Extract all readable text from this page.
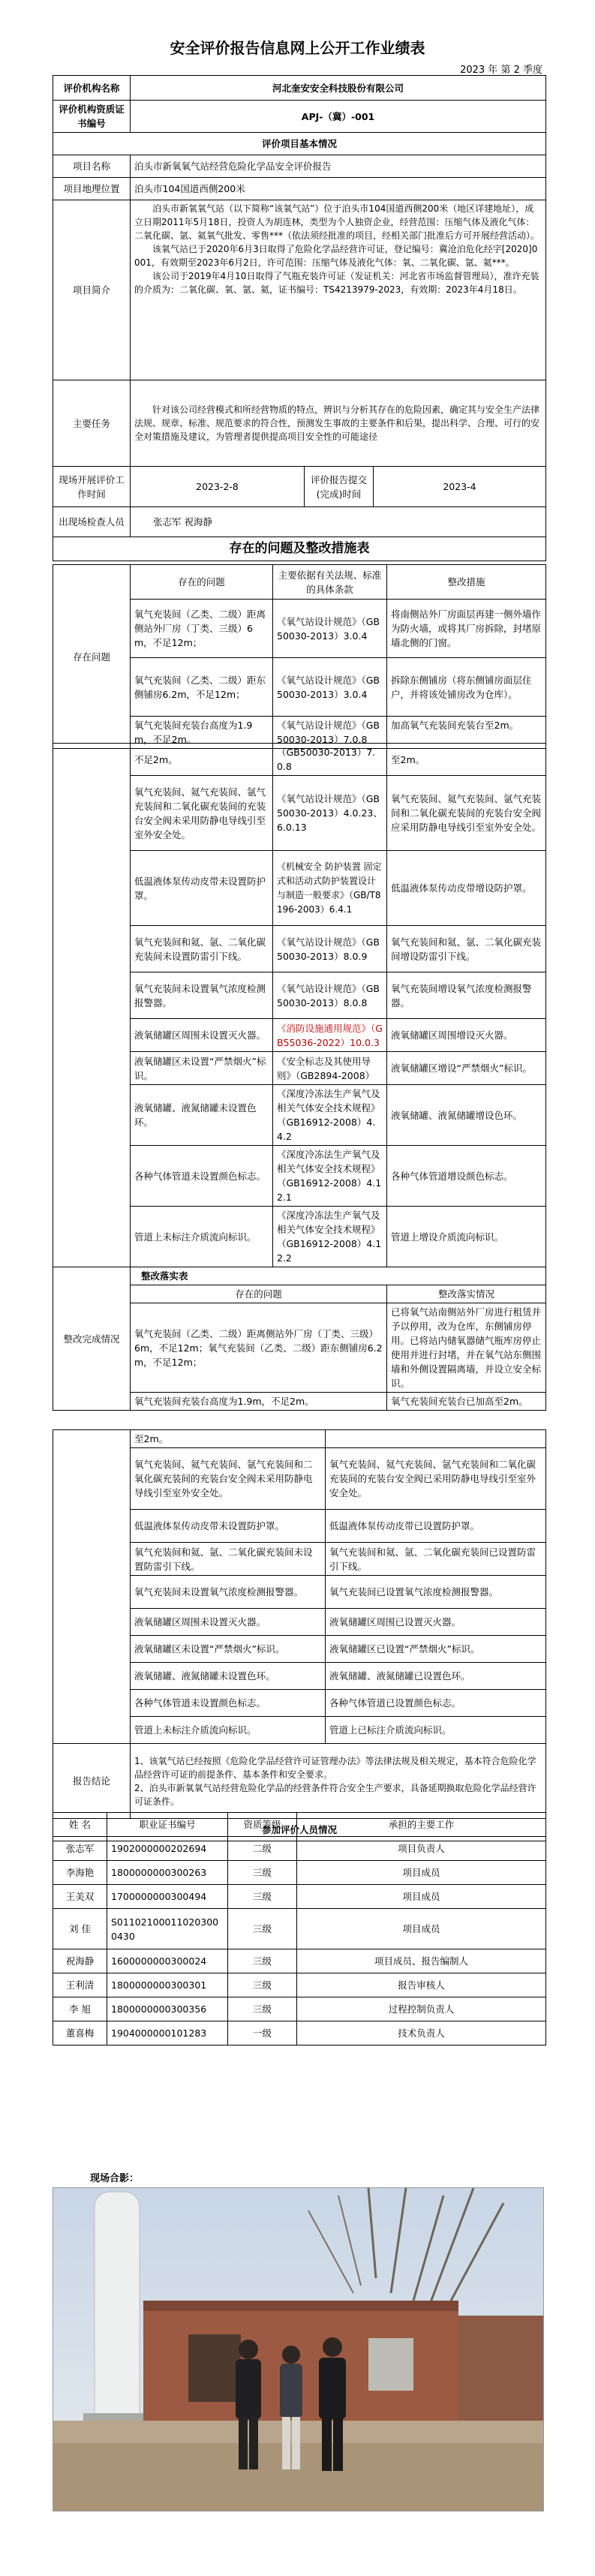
安全评价报告信息网上公开工作业绩表
2023 年 第 2 季度
评价机构名称	河北奎安安全科技股份有限公司		
评价机构资质证书编号	APJ-（冀）-001		
评价项目基本情况			
项目名称	泊头市新氧氧气站经营危险化学品安全评价报告		
项目地理位置	泊头市104国道西侧200米		
项目简介	泊头市新氧氧气站（以下简称“该氧气站”）位于泊头市104国道西侧200米（地区详建地址），成立日期2011年5月18日，投资人为胡连林，类型为个人独资企业，经营范围：压缩气体及液化气体：二氧化碳、氩、氦氧气批发、零售***（依法须经批准的项目，经相关部门批准后方可开展经营活动）。
该氧气站已于2020年6月3日取得了危险化学品经营许可证，登记编号：冀沧泊危化经字[2020]0001，有效期至2023年6月2日，许可范围：压缩气体及液化气体：氧、二氧化碳、氩、氦***。
该公司于2019年4月10日取得了气瓶充装许可证（发证机关：河北省市场监督管理局），准许充装的介质为：二氧化碳、氧、氩、氦，证书编号：TS4213979-2023，有效期：2023年4月18日。		

主要任务	针对该公司经营模式和所经营物质的特点，辨识与分析其存在的危险因素，确定其与安全生产法律法规、规章、标准、规范要求的符合性，预测发生事故的主要条件和后果，提出科学、合理、可行的安全对策措施及建议，为管理者提供提高项目安全性的可能途径		
现场开展评价工作时间	2023-2-8	评价报告提交(完成)时间	2023-4
出现场检查人员	张志军 祝海静		
存在的问题及整改措施表			
存在问题	存在的问题	主要依据有关法规、标准的具体条款	整改措施
	氧气充装间（乙类、二级）距离侧站外厂房（丁类、三级）6m，不足12m；	《氧气站设计规范》（GB50030-2013）3.0.4	将南侧站外厂房面层再建一侧外墙作为防火墙，或将其厂房拆除，封堵原墙北侧的门窗。
	氧气充装间（乙类、二级）距东侧铺房6.2m，不足12m；	《氧气站设计规范》（GB50030-2013）3.0.4	拆除东侧铺房（将东侧铺房面层住户，并将该处铺房改为仓库）。
	氧气充装间充装台高度为1.9m，不足2m。	《氧气站设计规范》（GB50030-2013）7.0.8	加高氧气充装间充装台至2m。
	不足2m。	（GB50030-2013）7.0.8	至2m。
	氧气充装间、氦气充装间、氩气充装间和二氧化碳充装间的充装台安全阀未采用防静电导线引至室外安全处。	《氧气站设计规范》（GB50030-2013）4.0.23、6.0.13	氧气充装间、氦气充装间、氩气充装间和二氧化碳充装间的充装台安全阀应采用防静电导线引至室外安全处。
	低温液体泵传动皮带未设置防护罩。	《机械安全 防护装置 固定式和活动式防护装置设计与制造一般要求》（GB/T8196-2003）6.4.1	低温液体泵传动皮带增设防护罩。
	氧气充装间和氦、氩、二氧化碳充装间未设置防雷引下线。	《氧气站设计规范》（GB50030-2013）8.0.9	氧气充装间和氦、氩、二氧化碳充装间增设防雷引下线。
	氧气充装间未设置氧气浓度检测报警器。	《氧气站设计规范》（GB50030-2013）8.0.8	氧气充装间增设氧气浓度检测报警器。
	液氧储罐区周围未设置灭火器。	《消防设施通用规范》（GB55036-2022）10.0.3	液氧储罐区周围增设灭火器。
	液氧储罐区未设置“严禁烟火”标识。	《安全标志及其使用导则》（GB2894-2008）	液氧储罐区增设“严禁烟火”标识。
	液氧储罐、液氮储罐未设置色环。	《深度冷冻法生产氧气及相关气体安全技术规程》（GB16912-2008）4.4.2	液氧储罐、液氮储罐增设色环。
	各种气体管道未设置颜色标志。	《深度冷冻法生产氧气及相关气体安全技术规程》（GB16912-2008）4.12.1	各种气体管道增设颜色标志。
	管道上未标注介质流向标识。	《深度冷冻法生产氧气及相关气体安全技术规程》（GB16912-2008）4.12.2	管道上增设介质流向标识。
整改完成情况	整改落实表		
	存在的问题		整改落实情况
	氧气充装间（乙类、二级）距离侧站外厂房（丁类、三级）6m，不足12m；氧气充装间（乙类、二级）距东侧铺房6.2m，不足12m；		已将氧气站南侧站外厂房进行租赁并予以停用，改为仓库，东侧铺房停用。已将站内储氧器储气瓶库房停止使用并进行封堵，并在氧气站东侧围墙和外侧设置隔离墙，并设立安全标识。
	氧气充装间充装台高度为1.9m，不足2m。		氧气充装间充装台已加高至2m。
	至2m。	
	氧气充装间、氦气充装间、氩气充装间和二氧化碳充装间的充装台安全阀未采用防静电导线引至室外安全处。	氧气充装间、氦气充装间、氩气充装间和二氧化碳充装间的充装台安全阀已采用防静电导线引至室外安全处。
	低温液体泵传动皮带未设置防护罩。	低温液体泵传动皮带已设置防护罩。
	氧气充装间和氦、氩、二氧化碳充装间未设置防雷引下线。	氧气充装间和氦、氩、二氧化碳充装间已设置防雷引下线。
	氧气充装间未设置氧气浓度检测报警器。	氧气充装间已设置氧气浓度检测报警器。
	液氧储罐区周围未设置灭火器。	液氧储罐区周围已设置灭火器。
	液氧储罐区未设置“严禁烟火”标识。	液氧储罐区已设置“严禁烟火”标识。
	液氧储罐、液氮储罐未设置色环。	液氧储罐、液氮储罐已设置色环。
	各种气体管道未设置颜色标志。	各种气体管道已设置颜色标志。
	管道上未标注介质流向标识。	管道上已标注介质流向标识。
报告结论	1、该氧气站已经按照《危险化学品经营许可证管理办法》等法律法规及相关规定，基本符合危险化学品经营许可证的前提条件、基本条件和安全要求。
2、泊头市新氧氧气站经营危险化学品的经营条件符合安全生产要求，具备延期换取危险化学品经营许可证条件。	
参加评价人员情况		
姓 名	职业证书编号	资质等级	承担的主要工作
张志军	1902000000202694	二级	项目负责人
李海艳	1800000000300263	三级	项目成员
王美双	1700000000300494	三级	项目成员
刘 佳	S011021000110203000430	三级	项目成员
祝海静	1600000000300024	三级	项目成员、报告编制人
王利清	1800000000300301	三级	报告审核人
李 旭	1800000000300356	三级	过程控制负责人
董喜梅	1904000000101283	一级	技术负责人
现场合影：
